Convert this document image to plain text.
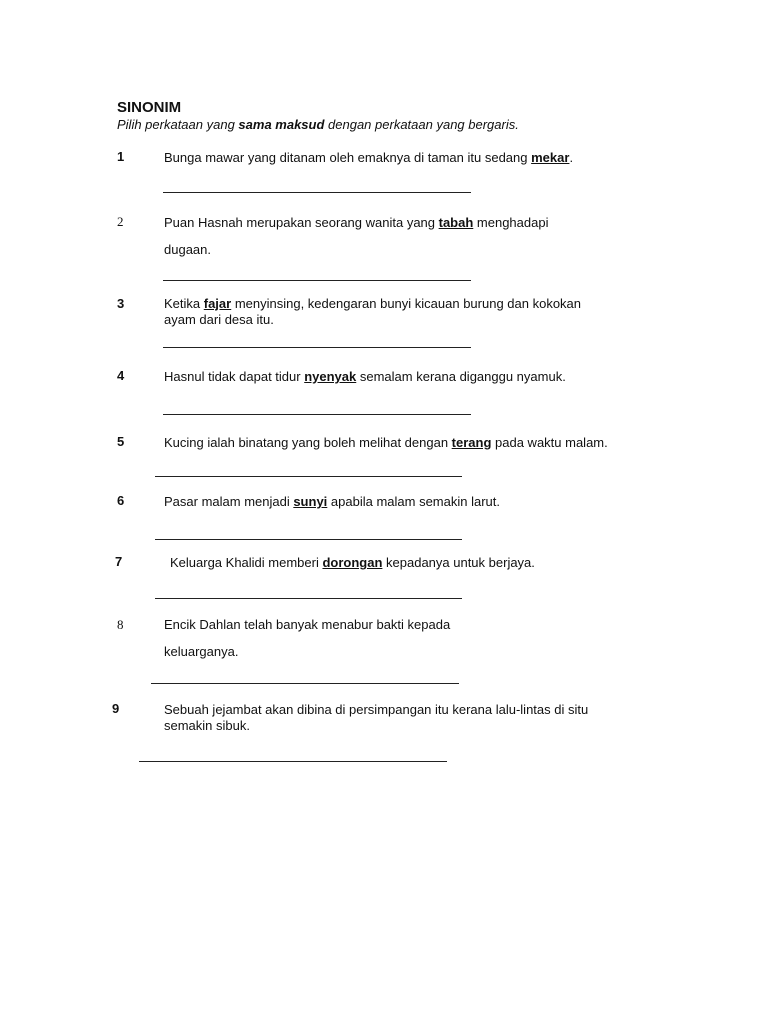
SINONIM
Pilih perkataan yang sama maksud dengan perkataan yang bergaris.
1	Bunga mawar yang ditanam oleh emaknya di taman itu sedang mekar.
2	Puan Hasnah merupakan seorang wanita yang tabah menghadapi
dugaan.
3	Ketika fajar menyinsing, kedengaran bunyi kicauan burung dan kokokan
ayam dari desa itu.
4	Hasnul tidak dapat tidur nyenyak semalam kerana diganggu nyamuk.
5	Kucing ialah binatang yang boleh melihat dengan terang pada waktu malam.
6	Pasar malam menjadi sunyi apabila malam semakin larut.
7	Keluarga Khalidi memberi dorongan kepadanya untuk berjaya.
8	Encik Dahlan telah banyak menabur bakti kepada
keluarganya.
9	Sebuah jejambat akan dibina di persimpangan itu kerana lalu-lintas di situ
semakin sibuk.
